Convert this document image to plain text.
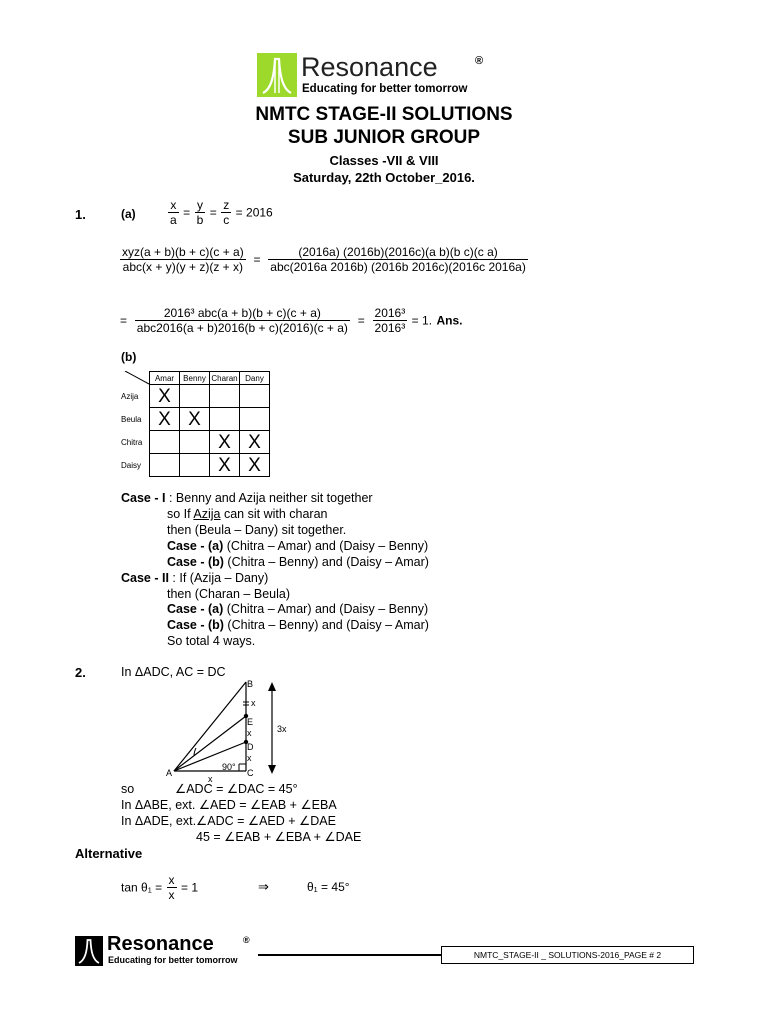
Resonance	®
Educating for better tomorrow
NMTC STAGE-II SOLUTIONS
SUB JUNIOR GROUP
Classes -VII & VIII
Saturday, 22th October_2016.
1.	(a)	$\frac{x}{a} = \frac{y}{b} = \frac{z}{c} = 2016$
$\frac{\text{xyz(a + b)(b + c)(c + a)}}{\text{abc(x + y)(y + z)(z + x)}} = \frac{\text{(2016a) (2016b)(2016c)(a b)(b c)(c a)}}{\text{abc(2016a 2016b) (2016b 2016c)(2016c 2016a)}}$
= $\frac{\text{2016³ abc(a + b)(b + c)(c + a)}}{\text{abc2016(a + b)2016(b + c)(2016)(c + a)}} = \frac{\text{2016³}}{\text{2016³}} = 1$. Ans.
(b)
	Amar	Benny	Charan	Dany
Azija	X			
Beula	X	X		
Chitra			X	X
Daisy			X	X
Case - I : Benny and Azija neither sit together
so If Azija can sit with charan
then (Beula – Dany) sit together.
Case - (a) (Chitra – Amar) and (Daisy – Benny)
Case - (b) (Chitra – Benny) and (Daisy – Amar)
Case - II : If (Azija – Dany)
then (Charan – Beula)
Case - (a) (Chitra – Amar) and (Daisy – Benny)
Case - (b) (Chitra – Benny) and (Daisy – Amar)
So total 4 ways.
2.	In ΔADC, AC = DC
B
x
E
x
D
x
C
A
x
90°
3x
so	∠ADC = ∠DAC = 45°
In ΔABE, ext. ∠AED = ∠EAB + ∠EBA
In ΔADE, ext.∠ADC = ∠AED + ∠DAE
45 = ∠EAB + ∠EBA + ∠DAE
Alternative
$\tan \theta_1 = \frac{x}{x} = 1$	⇒	θ₁ = 45°
Resonance	®
Educating for better tomorrow	NMTC_STAGE-II _ SOLUTIONS-2016_PAGE # 2
